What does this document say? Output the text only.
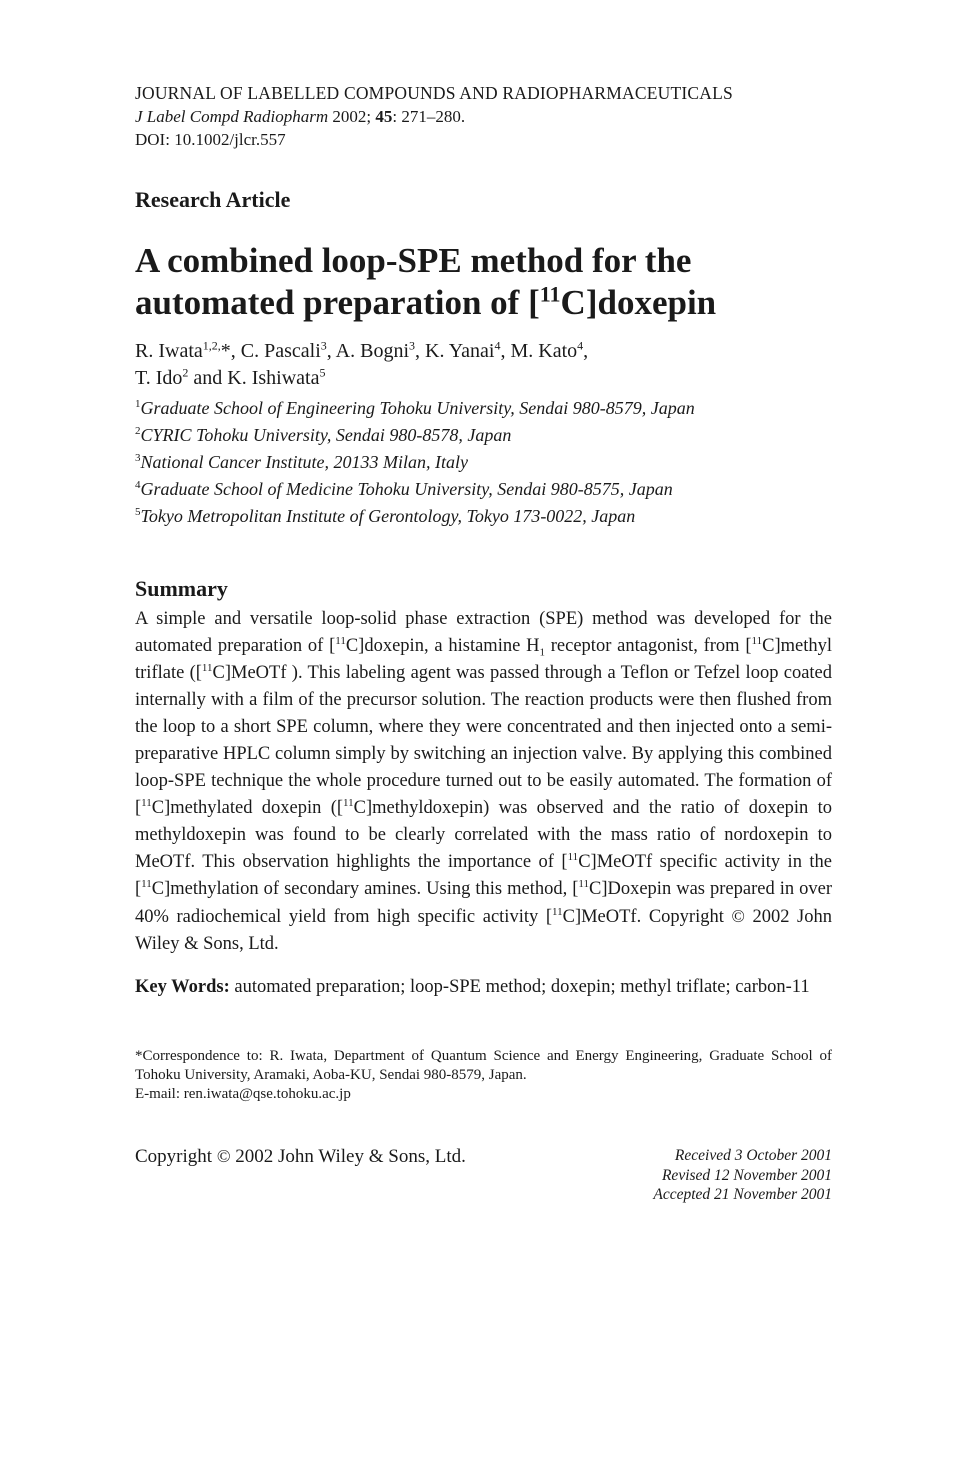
JOURNAL OF LABELLED COMPOUNDS AND RADIOPHARMACEUTICALS
J Label Compd Radiopharm 2002; 45: 271–280.
DOI: 10.1002/jlcr.557
Research Article
A combined loop-SPE method for the
automated preparation of [$^{11}$C]doxepin
R. Iwata$^{1,2,}$*, C. Pascali$^3$, A. Bogni$^3$, K. Yanai$^4$, M. Kato$^4$,
T. Ido$^2$ and K. Ishiwata$^5$
$^1$Graduate School of Engineering Tohoku University, Sendai 980-8579, Japan
$^2$CYRIC Tohoku University, Sendai 980-8578, Japan
$^3$National Cancer Institute, 20133 Milan, Italy
$^4$Graduate School of Medicine Tohoku University, Sendai 980-8575, Japan
$^5$Tokyo Metropolitan Institute of Gerontology, Tokyo 173-0022, Japan
Summary
A simple and versatile loop-solid phase extraction (SPE) method was developed for the automated preparation of [$^{11}$C]doxepin, a histamine $H_1$ receptor antagonist, from [$^{11}$C]methyl triflate ([$^{11}$C]MeOTf ). This labeling agent was passed through a Teflon or Tefzel loop coated internally with a film of the precursor solution. The reaction products were then flushed from the loop to a short SPE column, where they were concentrated and then injected onto a semi-preparative HPLC column simply by switching an injection valve. By applying this combined loop-SPE technique the whole procedure turned out to be easily automated. The formation of [$^{11}$C]methylated doxepin ([$^{11}$C]methyldoxepin) was observed and the ratio of doxepin to methyldoxepin was found to be clearly correlated with the mass ratio of nordoxepin to MeOTf. This observation highlights the importance of [$^{11}$C]MeOTf specific activity in the [$^{11}$C]methylation of secondary amines. Using this method, [$^{11}$C]Doxepin was prepared in over 40% radiochemical yield from high specific activity [$^{11}$C]MeOTf. Copyright © 2002 John Wiley & Sons, Ltd.
Key Words: automated preparation; loop-SPE method; doxepin; methyl triflate; carbon-11
*Correspondence to: R. Iwata, Department of Quantum Science and Energy Engineering, Graduate School of Tohoku University, Aramaki, Aoba-KU, Sendai 980-8579, Japan.
E-mail: ren.iwata@qse.tohoku.ac.jp
Copyright © 2002 John Wiley & Sons, Ltd.	Received 3 October 2001
Revised 12 November 2001
Accepted 21 November 2001
